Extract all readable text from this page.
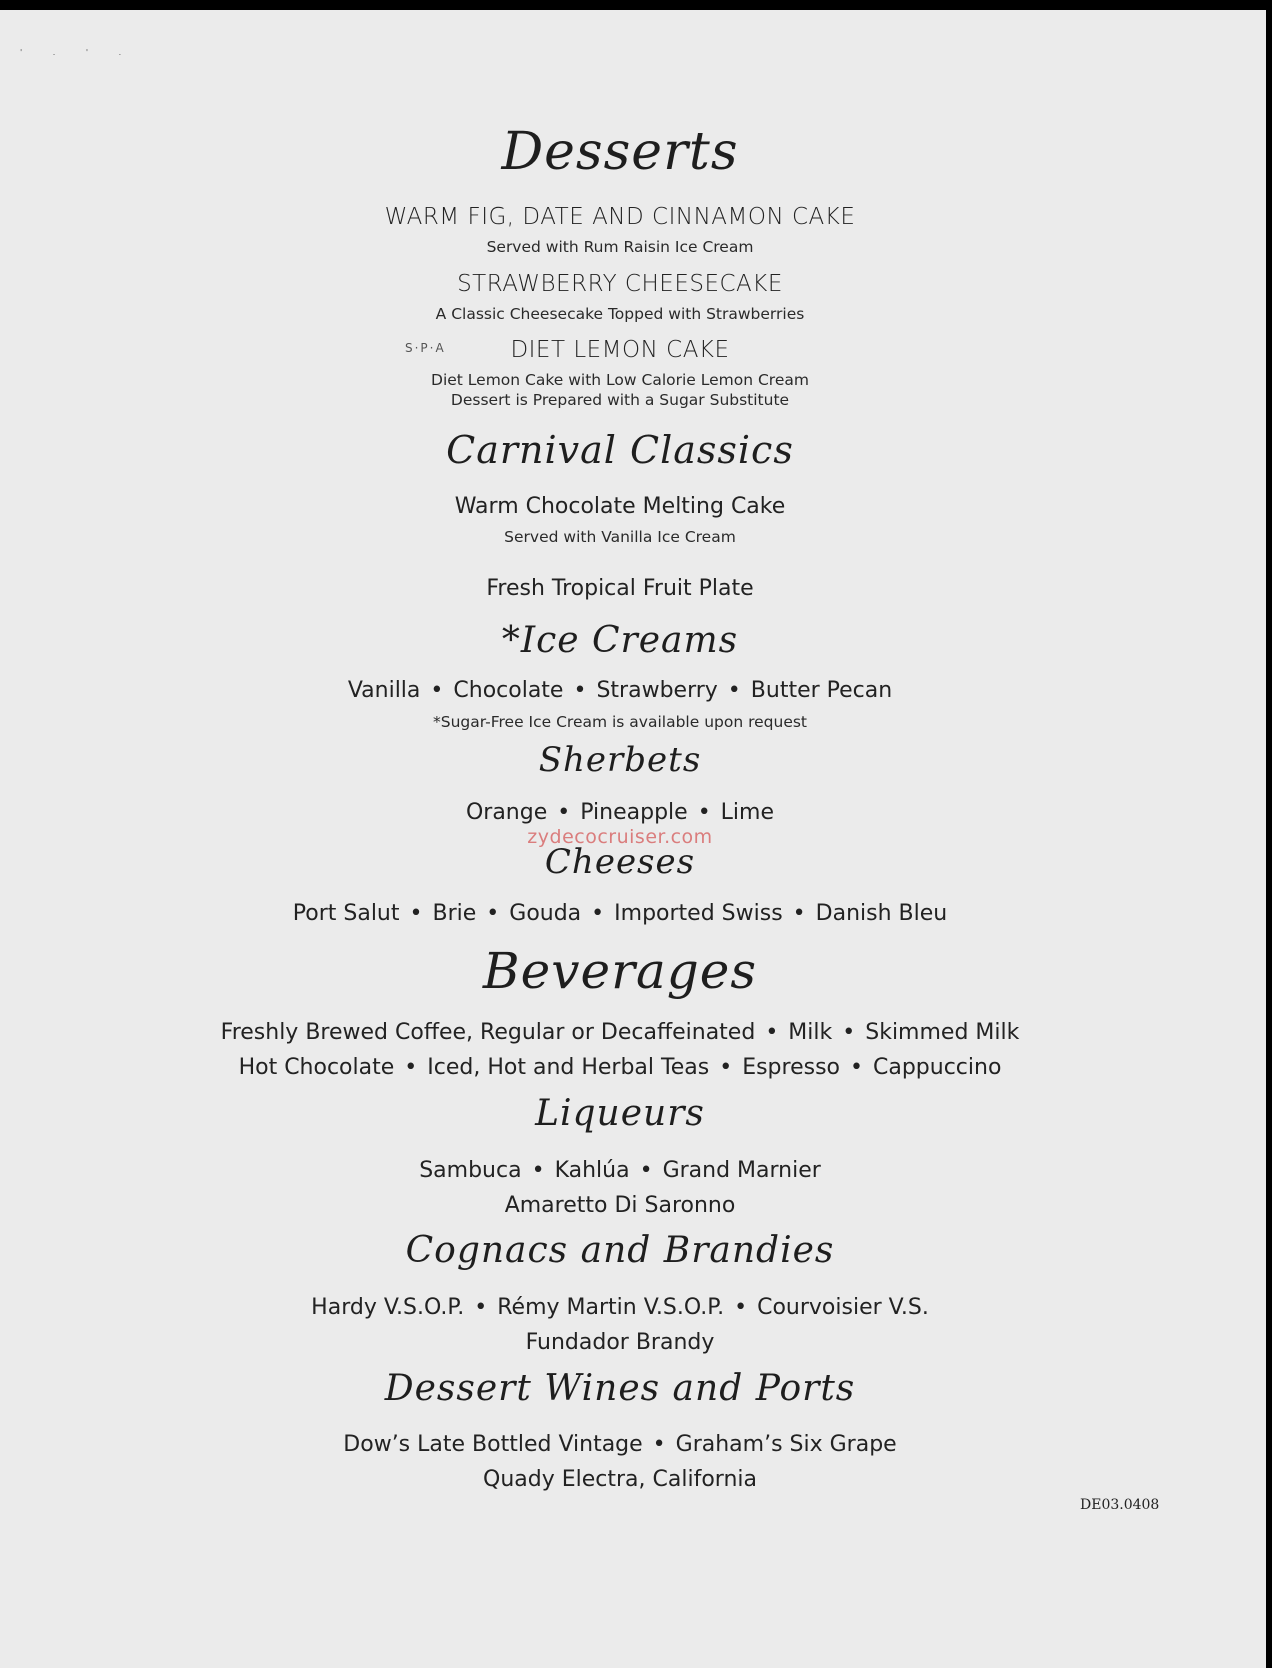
' . ' .
Desserts
WARM FIG, DATE AND CINNAMON CAKE
Served with Rum Raisin Ice Cream
STRAWBERRY CHEESECAKE
A Classic Cheesecake Topped with Strawberries
S·P·A	DIET LEMON CAKE
Diet Lemon Cake with Low Calorie Lemon Cream
Dessert is Prepared with a Sugar Substitute
Carnival Classics
Warm Chocolate Melting Cake
Served with Vanilla Ice Cream
Fresh Tropical Fruit Plate
*Ice Creams
Vanilla • Chocolate • Strawberry • Butter Pecan
*Sugar-Free Ice Cream is available upon request
Sherbets
Orange • Pineapple • Lime
zydecocruiser.com
Cheeses
Port Salut • Brie • Gouda • Imported Swiss • Danish Bleu
Beverages
Freshly Brewed Coffee, Regular or Decaffeinated • Milk • Skimmed Milk
Hot Chocolate • Iced, Hot and Herbal Teas • Espresso • Cappuccino
Liqueurs
Sambuca • Kahlúa • Grand Marnier
Amaretto Di Saronno
Cognacs and Brandies
Hardy V.S.O.P. • Rémy Martin V.S.O.P. • Courvoisier V.S.
Fundador Brandy
Dessert Wines and Ports
Dow’s Late Bottled Vintage • Graham’s Six Grape
Quady Electra, California
DE03.0408
